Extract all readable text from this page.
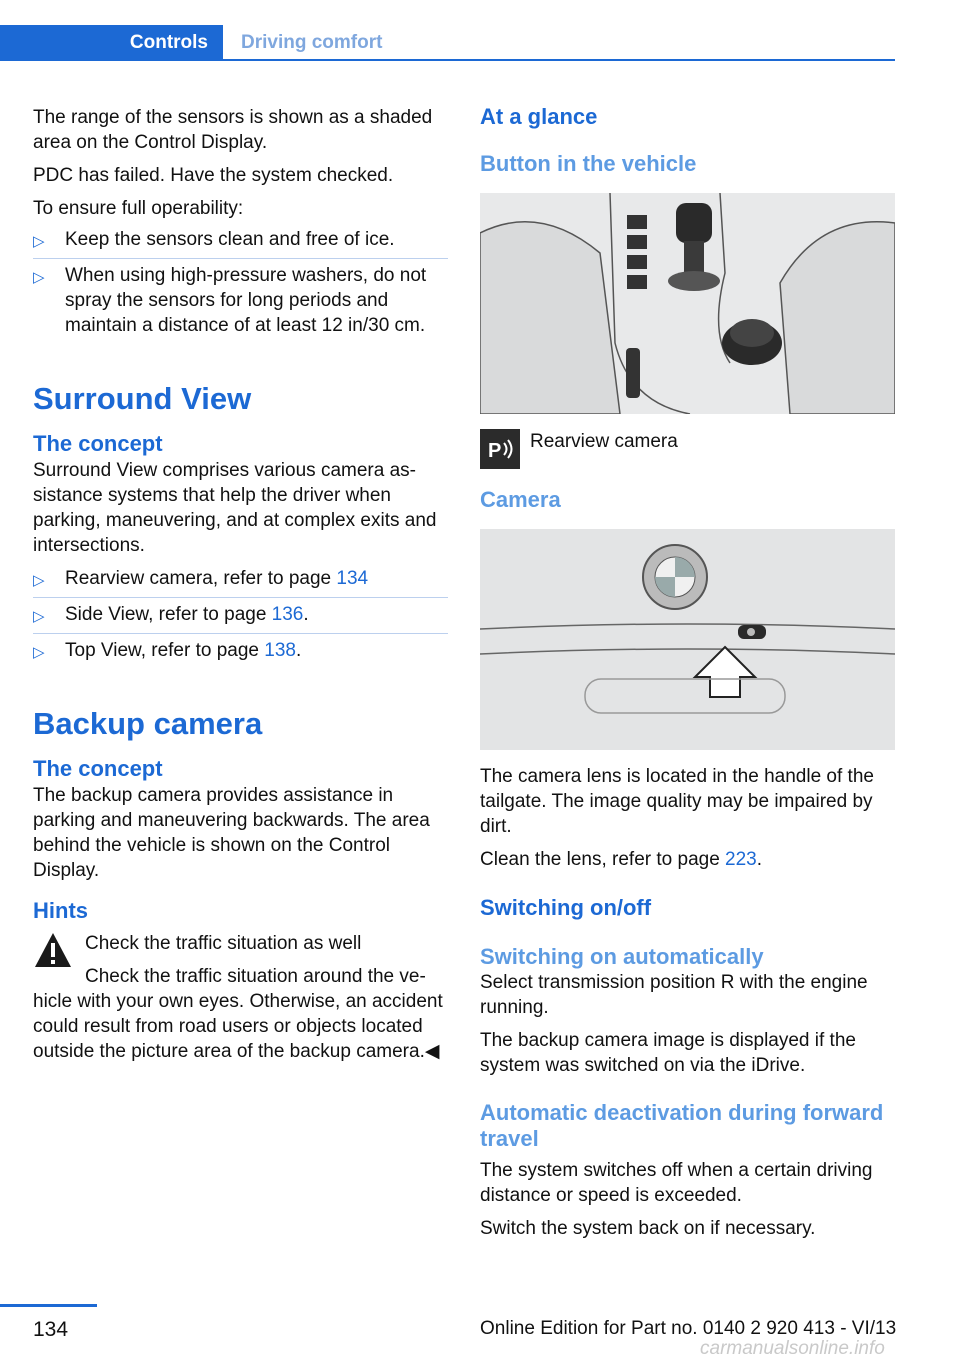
Controls	Driving comfort

The range of the sensors is shown as a shaded area on the Control Display.

PDC has failed. Have the system checked.

To ensure full operability:

▷ Keep the sensors clean and free of ice.
▷ When using high-pressure washers, do not spray the sensors for long periods and maintain a distance of at least 12 in/30 cm.
Surround View
The concept

Surround View comprises various camera assistance systems that help the driver when parking, maneuvering, and at complex exits and intersections.

▷ Rearview camera, refer to page 134
▷ Side View, refer to page 136.
▷ Top View, refer to page 138.
Backup camera
The concept

The backup camera provides assistance in parking and maneuvering backwards. The area behind the vehicle is shown on the Control Display.

Hints

Check the traffic situation as well

Check the traffic situation around the vehicle with your own eyes. Otherwise, an accident could result from road users or objects located outside the picture area of the backup camera.◀

At a glance
Button in the vehicle
P Rearview camera

Camera

The camera lens is located in the handle of the tailgate. The image quality may be impaired by dirt.

Clean the lens, refer to page 223.

Switching on/off
Switching on automatically

Select transmission position R with the engine running.

The backup camera image is displayed if the system was switched on via the iDrive.

Automatic deactivation during forward travel

The system switches off when a certain driving distance or speed is exceeded.

Switch the system back on if necessary.

134	Online Edition for Part no. 0140 2 920 413 - VI/13
carmanualsonline.info
